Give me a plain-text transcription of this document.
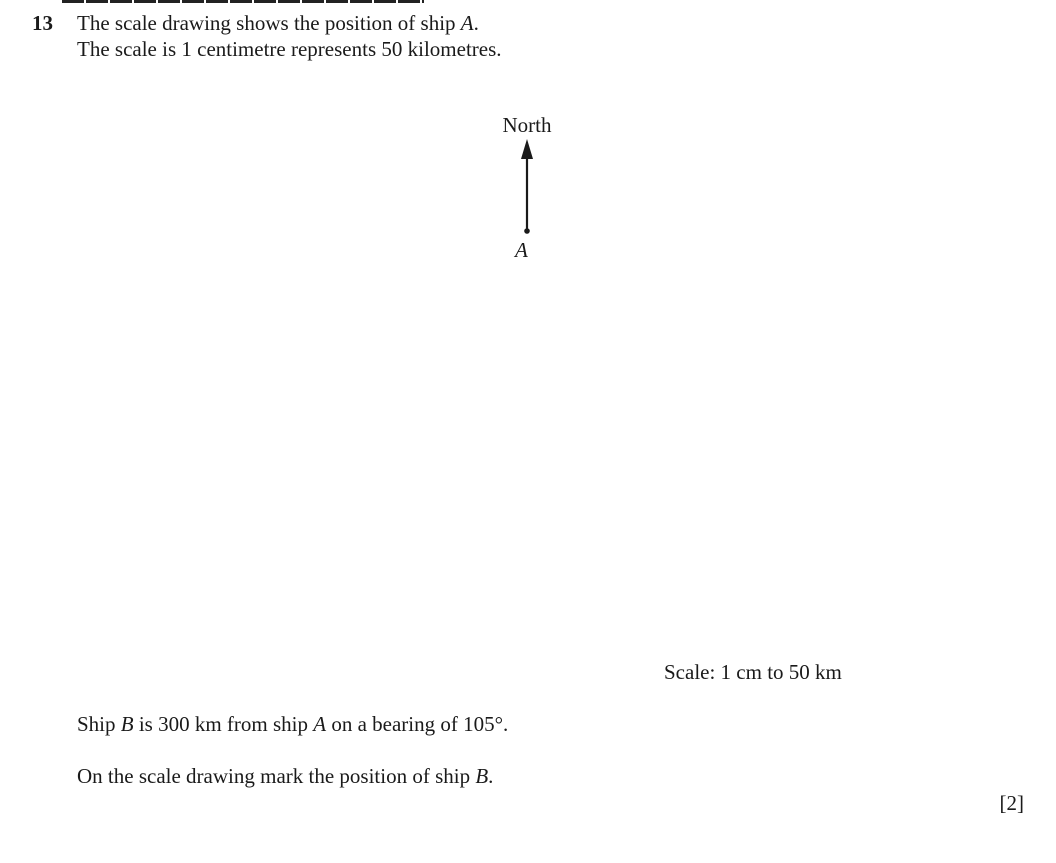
13 The scale drawing shows the position of ship A.
The scale is 1 centimetre represents 50 kilometres.
North
A
Scale: 1 cm to 50 km
Ship B is 300 km from ship A on a bearing of 105°.
On the scale drawing mark the position of ship B.
[2]
